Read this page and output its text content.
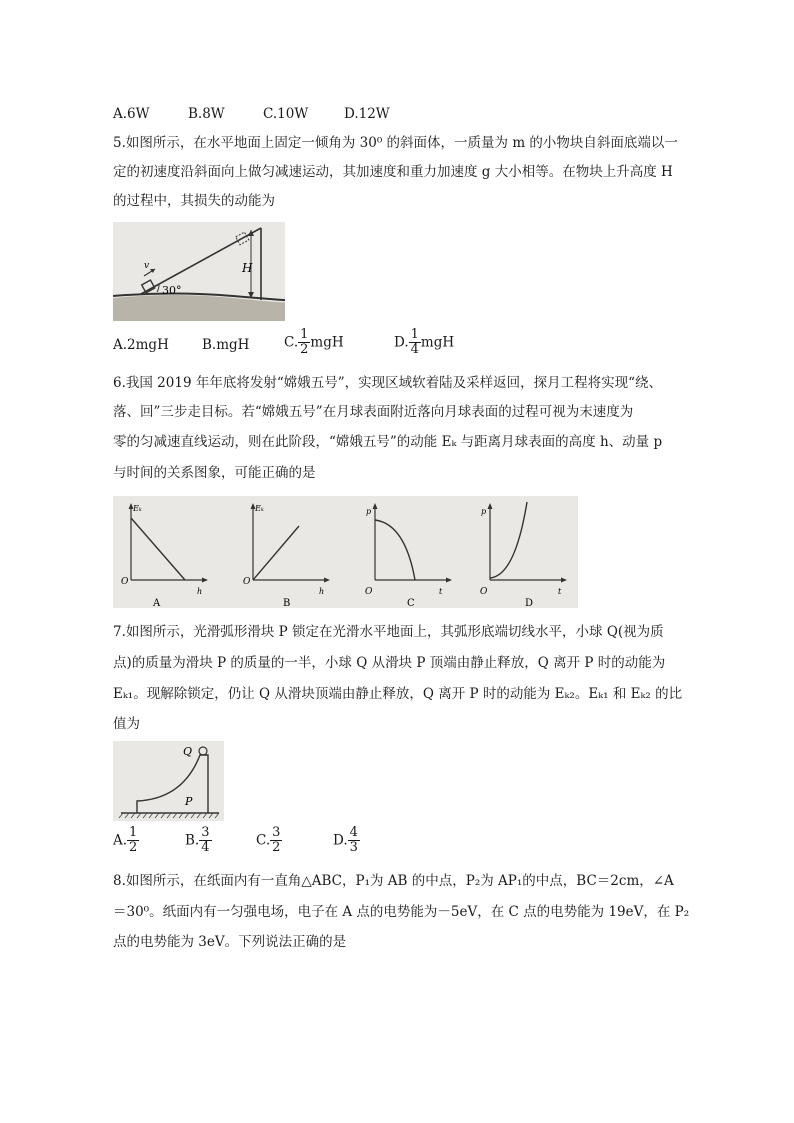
A.6W	B.8W	C.10W	D.12W
5.如图所示，在水平地面上固定一倾角为 30⁰ 的斜面体，一质量为 m 的小物块自斜面底端以一
定的初速度沿斜面向上做匀减速运动，其加速度和重力加速度 g 大小相等。在物块上升高度 H
的过程中，其损失的动能为
v
30°
H
A.2mgH B.mgH	C. $\frac{1}{2}$ mgH	D. $\frac{1}{4}$ mgH
6.我国 2019 年年底将发射“嫦娥五号”，实现区域软着陆及采样返回，探月工程将实现“绕、
落、回”三步走目标。若“嫦娥五号”在月球表面附近落向月球表面的过程可视为末速度为
零的匀减速直线运动，则在此阶段，“嫦娥五号”的动能 Eₖ 与距离月球表面的高度 h、动量 p
与时间的关系图象，可能正确的是
Eₖ
h
O
A
Eₖ
h
O
B
p
t
O
C
p
t
O
D
7.如图所示，光滑弧形滑块 P 锁定在光滑水平地面上，其弧形底端切线水平，小球 Q(视为质
点)的质量为滑块 P 的质量的一半，小球 Q 从滑块 P 顶端由静止释放，Q 离开 P 时的动能为
Eₖ₁。现解除锁定，仍让 Q 从滑块顶端由静止释放，Q 离开 P 时的动能为 Eₖ₂。Eₖ₁ 和 Eₖ₂ 的比
值为
Q
P
A. $\frac{1}{2}$	B. $\frac{3}{4}$	C. $\frac{3}{2}$	D. $\frac{4}{3}$
8.如图所示，在纸面内有一直角△ABC，P₁为 AB 的中点，P₂为 AP₁的中点，BC＝2cm，∠A
＝30⁰。纸面内有一匀强电场，电子在 A 点的电势能为－5eV，在 C 点的电势能为 19eV，在 P₂
点的电势能为 3eV。下列说法正确的是
